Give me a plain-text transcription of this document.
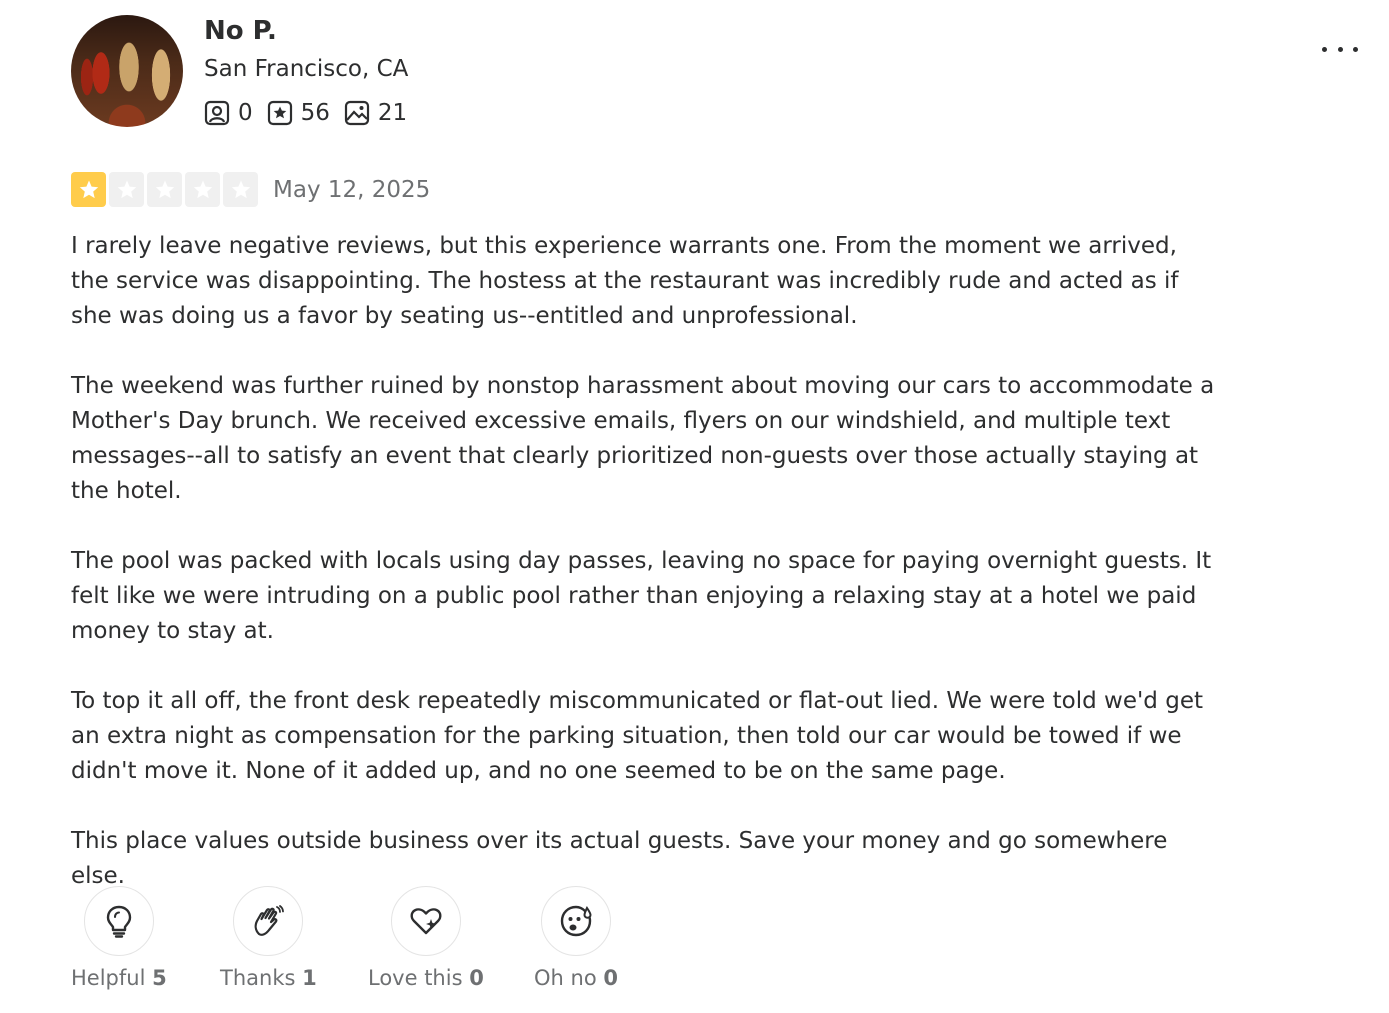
No P.
San Francisco, CA
0 56 21
May 12, 2025

I rarely leave negative reviews, but this experience warrants one. From the moment we arrived, the service was disappointing. The hostess at the restaurant was incredibly rude and acted as if she was doing us a favor by seating us--entitled and unprofessional.

The weekend was further ruined by nonstop harassment about moving our cars to accommodate a Mother's Day brunch. We received excessive emails, flyers on our windshield, and multiple text messages--all to satisfy an event that clearly prioritized non-guests over those actually staying at the hotel.

The pool was packed with locals using day passes, leaving no space for paying overnight guests. It felt like we were intruding on a public pool rather than enjoying a relaxing stay at a hotel we paid money to stay at.

To top it all off, the front desk repeatedly miscommunicated or flat-out lied. We were told we'd get an extra night as compensation for the parking situation, then told our car would be towed if we didn't move it. None of it added up, and no one seemed to be on the same page.

This place values outside business over its actual guests. Save your money and go somewhere else.

Helpful 5	Thanks 1 Love this 0 Oh no 0
